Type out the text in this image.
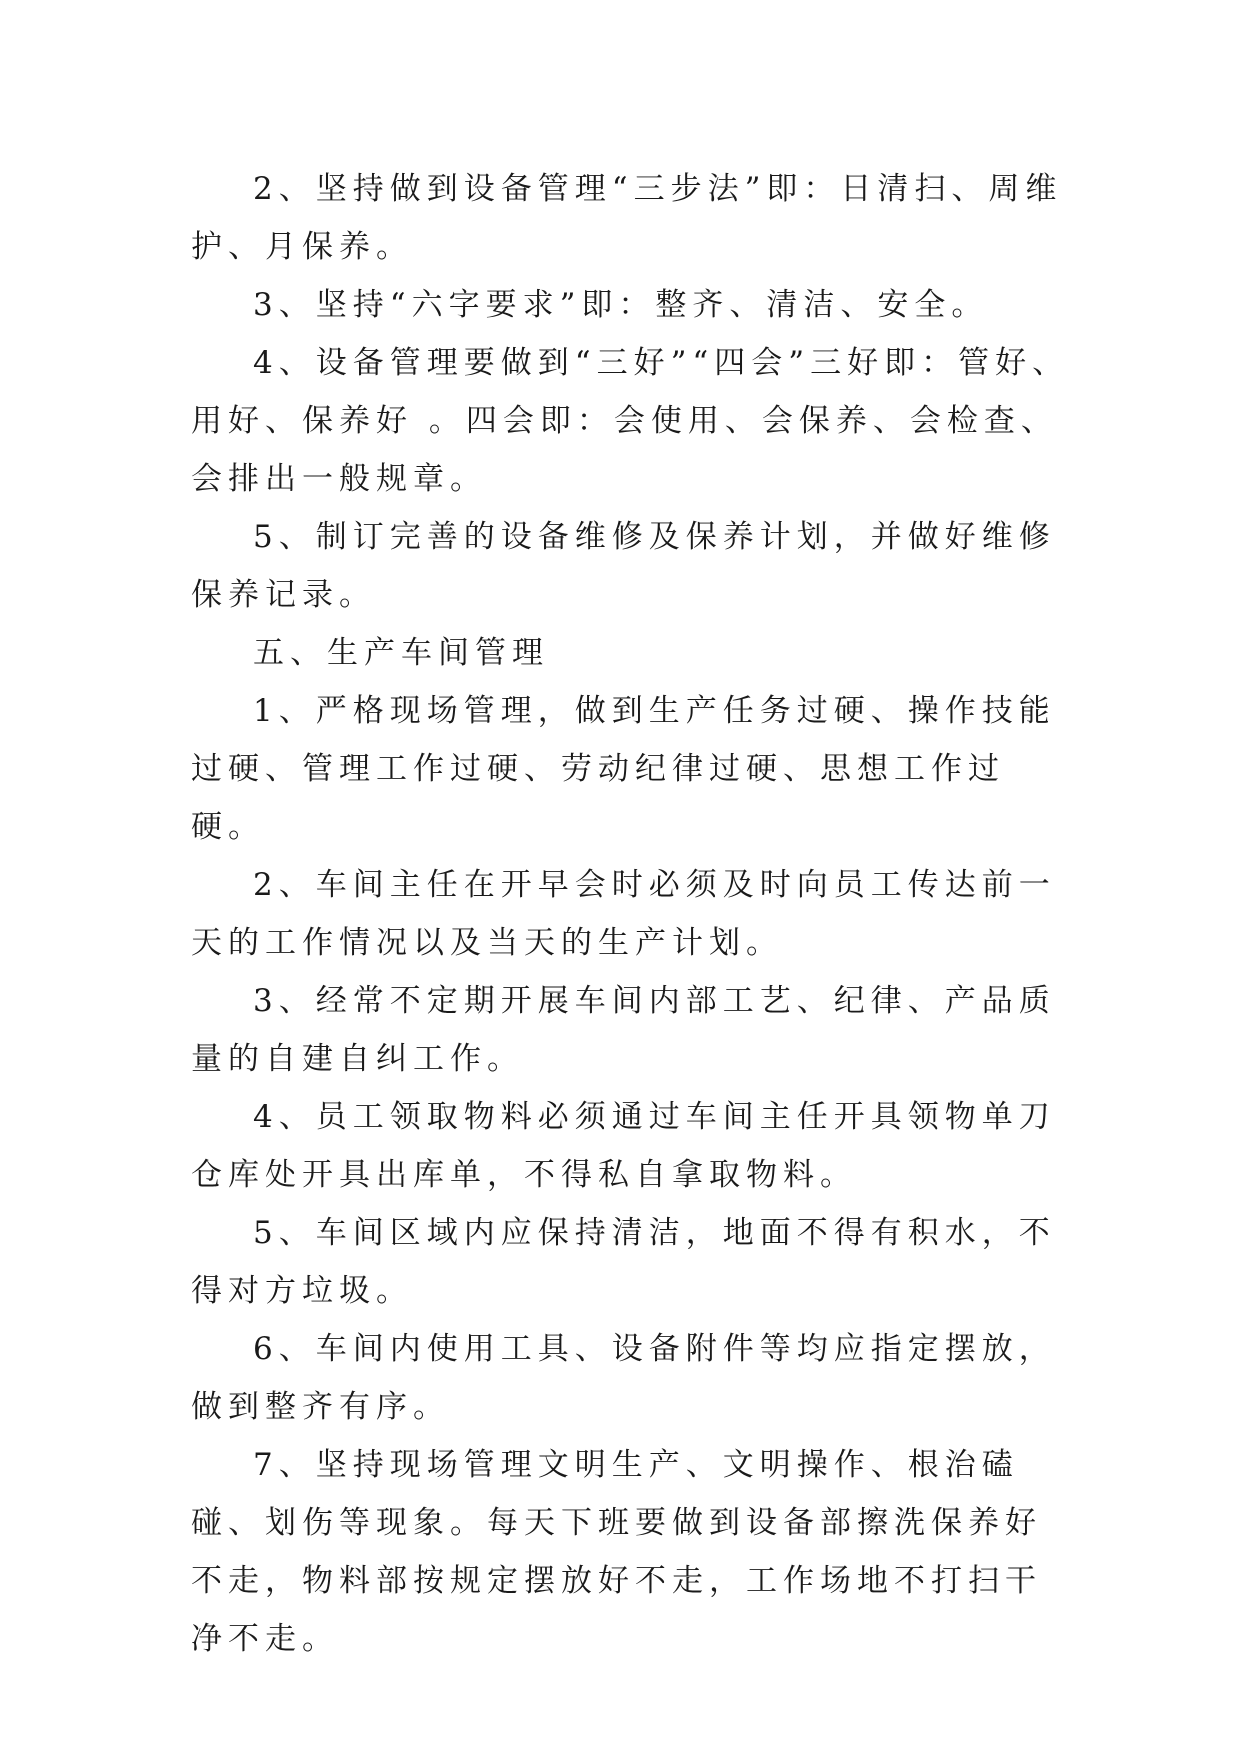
2、坚持做到设备管理“三步法”即：日清扫、周维护、月保养。

3、坚持“六字要求”即：整齐、清洁、安全。

4、设备管理要做到“三好”“四会”三好即：管好、用好、保养好 。四会即：会使用、会保养、会检查、会排出一般规章。

5、制订完善的设备维修及保养计划，并做好维修保养记录。

五、生产车间管理

1、严格现场管理，做到生产任务过硬、操作技能过硬、管理工作过硬、劳动纪律过硬、思想工作过硬。

2、车间主任在开早会时必须及时向员工传达前一天的工作情况以及当天的生产计划。

3、经常不定期开展车间内部工艺、纪律、产品质量的自建自纠工作。

4、员工领取物料必须通过车间主任开具领物单刀仓库处开具出库单，不得私自拿取物料。

5、车间区域内应保持清洁，地面不得有积水，不得对方垃圾。

6、车间内使用工具、设备附件等均应指定摆放，做到整齐有序。

7、坚持现场管理文明生产、文明操作、根治磕碰、划伤等现象。每天下班要做到设备部擦洗保养好不走，物料部按规定摆放好不走，工作场地不打扫干净不走。
